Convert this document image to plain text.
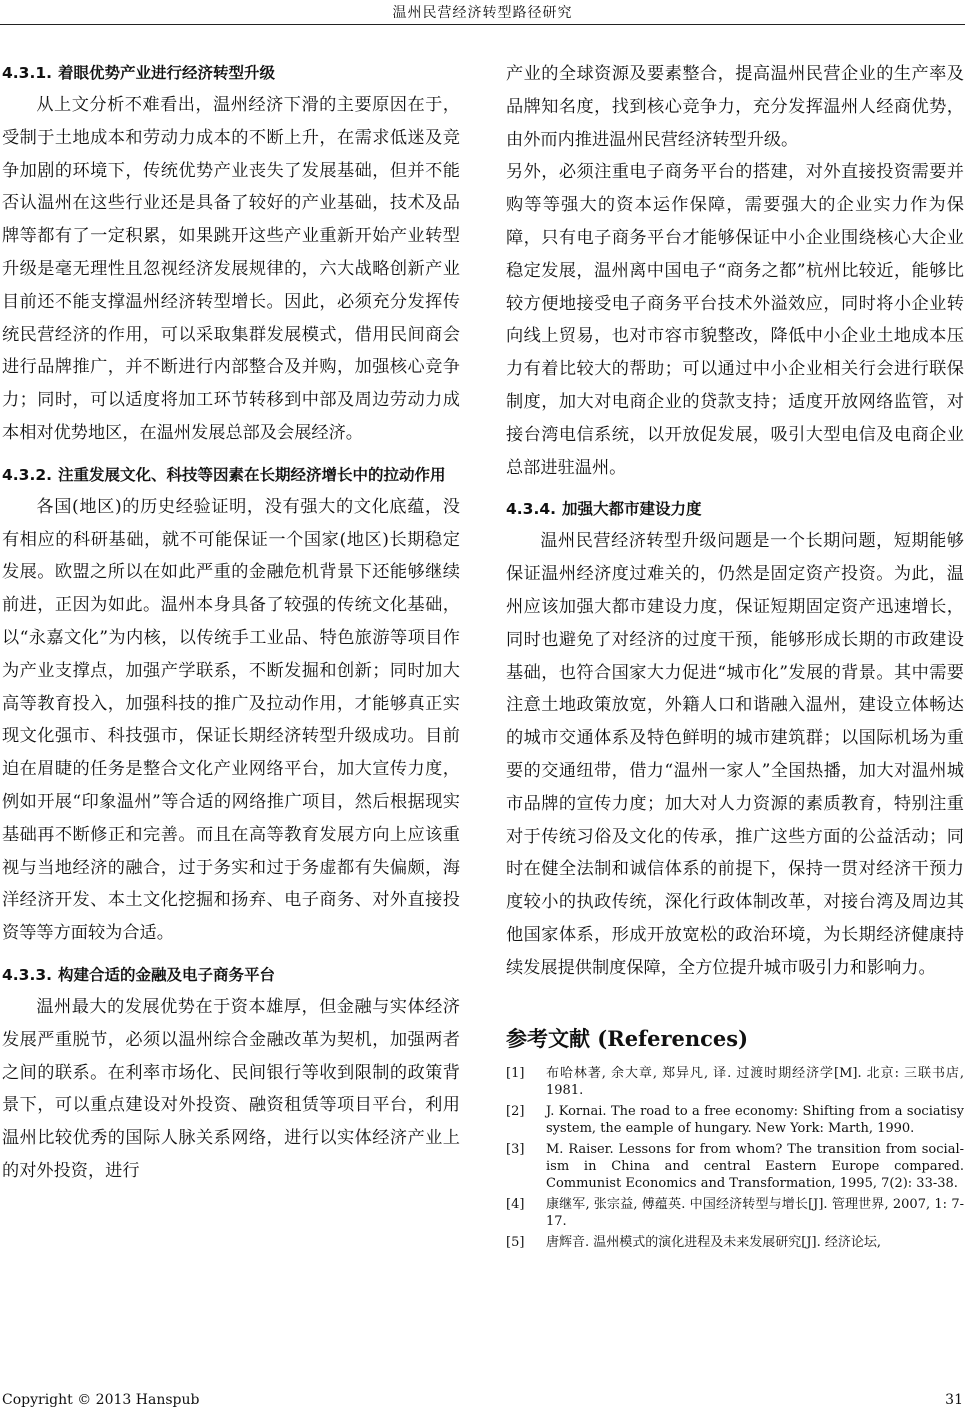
温州民营经济转型路径研究
4.3.1. 着眼优势产业进行经济转型升级

从上文分析不难看出，温州经济下滑的主要原因在于，受制于土地成本和劳动力成本的不断上升，在需求低迷及竞争加剧的环境下，传统优势产业丧失了发展基础，但并不能否认温州在这些行业还是具备了较好的产业基础，技术及品牌等都有了一定积累，如果跳开这些产业重新开始产业转型升级是毫无理性且忽视经济发展规律的，六大战略创新产业目前还不能支撑温州经济转型增长。因此，必须充分发挥传统民营经济的作用，可以采取集群发展模式，借用民间商会进行品牌推广，并不断进行内部整合及并购，加强核心竞争力；同时，可以适度将加工环节转移到中部及周边劳动力成本相对优势地区，在温州发展总部及会展经济。

4.3.2. 注重发展文化、科技等因素在长期经济增长中的拉动作用

各国(地区)的历史经验证明，没有强大的文化底蕴，没有相应的科研基础，就不可能保证一个国家(地区)长期稳定发展。欧盟之所以在如此严重的金融危机背景下还能够继续前进，正因为如此。温州本身具备了较强的传统文化基础，以“永嘉文化”为内核，以传统手工业品、特色旅游等项目作为产业支撑点，加强产学联系，不断发掘和创新；同时加大高等教育投入，加强科技的推广及拉动作用，才能够真正实现文化强市、科技强市，保证长期经济转型升级成功。目前迫在眉睫的任务是整合文化产业网络平台，加大宣传力度，例如开展“印象温州”等合适的网络推广项目，然后根据现实基础再不断修正和完善。而且在高等教育发展方向上应该重视与当地经济的融合，过于务实和过于务虚都有失偏颇，海洋经济开发、本土文化挖掘和扬弃、电子商务、对外直接投资等等方面较为合适。

4.3.3. 构建合适的金融及电子商务平台

温州最大的发展优势在于资本雄厚，但金融与实体经济发展严重脱节，必须以温州综合金融改革为契机，加强两者之间的联系。在利率市场化、民间银行等收到限制的政策背景下，可以重点建设对外投资、融资租赁等项目平台，利用温州比较优秀的国际人脉关系网络，进行以实体经济产业上的对外投资，进行

产业的全球资源及要素整合，提高温州民营企业的生产率及品牌知名度，找到核心竞争力，充分发挥温州人经商优势，由外而内推进温州民营经济转型升级。

另外，必须注重电子商务平台的搭建，对外直接投资需要并购等等强大的资本运作保障，需要强大的企业实力作为保障，只有电子商务平台才能够保证中小企业围绕核心大企业稳定发展，温州离中国电子“商务之都”杭州比较近，能够比较方便地接受电子商务平台技术外溢效应，同时将小企业转向线上贸易，也对市容市貌整改，降低中小企业土地成本压力有着比较大的帮助；可以通过中小企业相关行会进行联保制度，加大对电商企业的贷款支持；适度开放网络监管，对接台湾电信系统，以开放促发展，吸引大型电信及电商企业总部进驻温州。

4.3.4. 加强大都市建设力度

温州民营经济转型升级问题是一个长期问题，短期能够保证温州经济度过难关的，仍然是固定资产投资。为此，温州应该加强大都市建设力度，保证短期固定资产迅速增长，同时也避免了对经济的过度干预，能够形成长期的市政建设基础，也符合国家大力促进“城市化”发展的背景。其中需要注意土地政策放宽，外籍人口和谐融入温州，建设立体畅达的城市交通体系及特色鲜明的城市建筑群；以国际机场为重要的交通纽带，借力“温州一家人”全国热播，加大对温州城市品牌的宣传力度；加大对人力资源的素质教育，特别注重对于传统习俗及文化的传承，推广这些方面的公益活动；同时在健全法制和诚信体系的前提下，保持一贯对经济干预力度较小的执政传统，深化行政体制改革，对接台湾及周边其他国家体系，形成开放宽松的政治环境，为长期经济健康持续发展提供制度保障，全方位提升城市吸引力和影响力。

参考文献 (References)
[1]	布哈林著, 余大章, 郑异凡, 译. 过渡时期经济学[M]. 北京: 三联书店, 1981.
[2]	J. Kornai. The road to a free economy: Shifting from a sociatisy system, the eample of hungary. New York: Marth, 1990.
[3]	M. Raiser. Lessons for from whom? The transition from social-ism in China and central Eastern Europe compared. Communist Economics and Transformation, 1995, 7(2): 33-38.
[4]	康继军, 张宗益, 傅蕴英. 中国经济转型与增长[J]. 管理世界, 2007, 1: 7-17.
[5]	唐辉音. 温州模式的演化进程及未来发展研究[J]. 经济论坛,
Copyright © 2013 Hanspub	31
